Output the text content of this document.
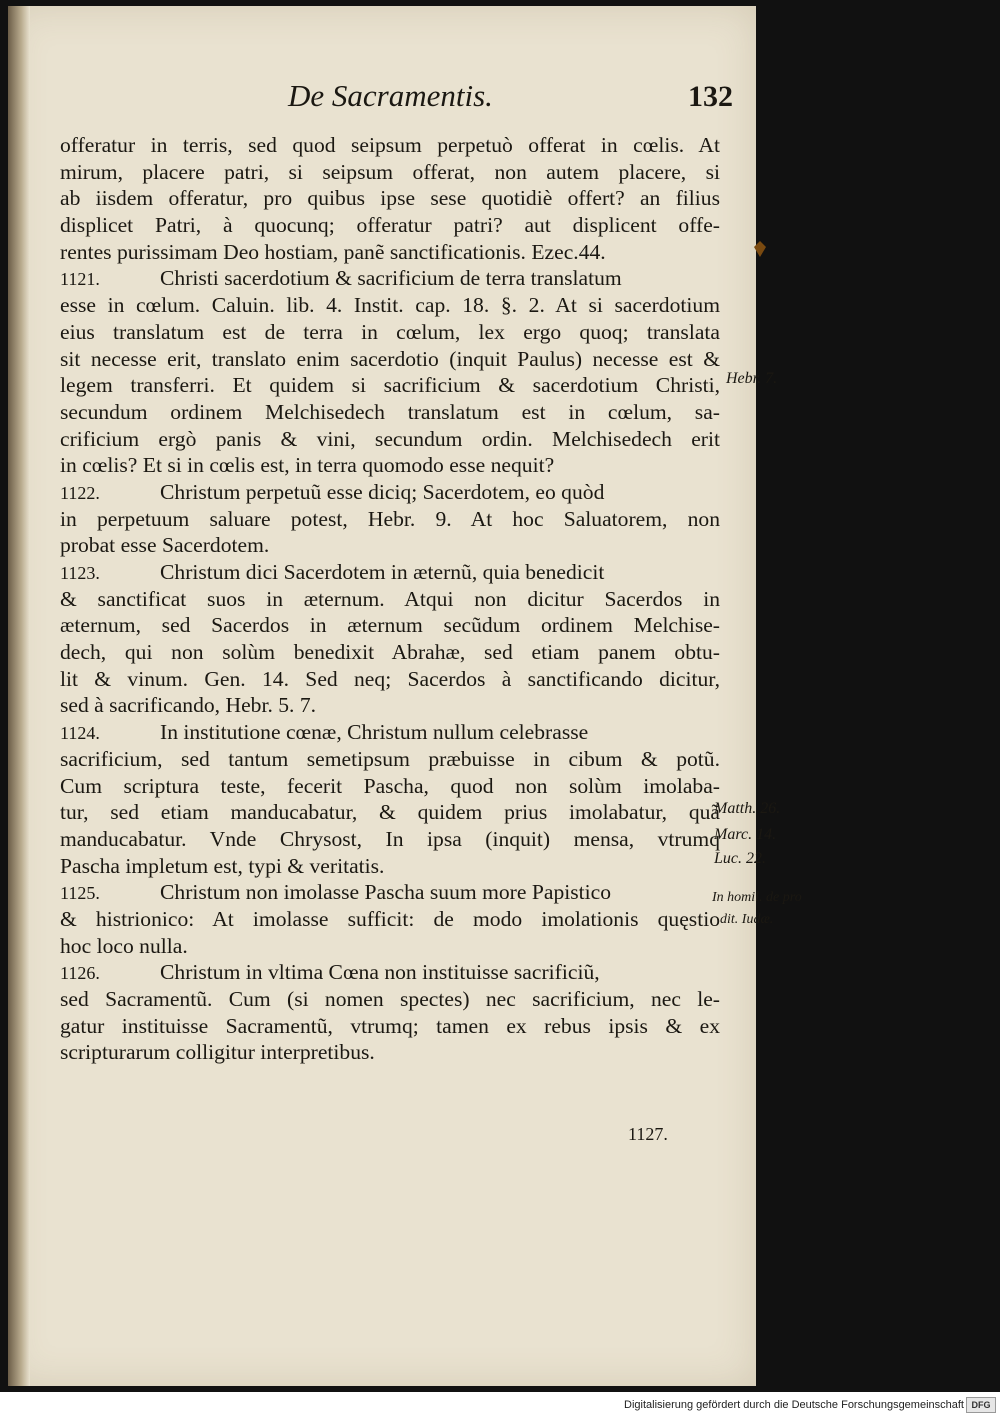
De Sacramentis.	132
offeratur in terris, sed quod seipsum perpetuò offerat in cœlis. At
mirum, placere patri, si seipsum offerat, non autem placere, si
ab iisdem offeratur, pro quibus ipse sese quotidiè offert? an filius
displicet Patri, à quocunq; offeratur patri? aut displicent offe-
rentes purissimam Deo hostiam, panẽ sanctificationis. Ezec.44.
1121.	Christi sacerdotium & sacrificium de terra translatum
esse in cœlum. Caluin. lib. 4. Instit. cap. 18. §. 2. At si sacerdotium
eius translatum est de terra in cœlum, lex ergo quoq; translata
sit necesse erit, translato enim sacerdotio (inquit Paulus) necesse est &
legem transferri. Et quidem si sacrificium & sacerdotium Christi,
secundum ordinem Melchisedech translatum est in cœlum, sa-
crificium ergò panis & vini, secundum ordin. Melchisedech erit
in cœlis? Et si in cœlis est, in terra quomodo esse nequit?
1122.	Christum perpetuũ esse diciq; Sacerdotem, eo quòd
in perpetuum saluare potest, Hebr. 9. At hoc Saluatorem, non
probat esse Sacerdotem.
1123.	Christum dici Sacerdotem in æternũ, quia benedicit
& sanctificat suos in æternum. Atqui non dicitur Sacerdos in
æternum, sed Sacerdos in æternum secũdum ordinem Melchise-
dech, qui non solùm benedixit Abrahæ, sed etiam panem obtu-
lit & vinum. Gen. 14. Sed neq; Sacerdos à sanctificando dicitur,
sed à sacrificando, Hebr. 5. 7.
1124.	In institutione cœnæ, Christum nullum celebrasse
sacrificium, sed tantum semetipsum præbuisse in cibum & potũ.
Cum scriptura teste, fecerit Pascha, quod non solùm imolaba-
tur, sed etiam manducabatur, & quidem prius imolabatur, quã
manducabatur. Vnde Chrysost, In ipsa (inquit) mensa, vtrumq
Pascha impletum est, typi & veritatis.
1125.	Christum non imolasse Pascha suum more Papistico
& histrionico: At imolasse sufficit: de modo imolationis quęstio
hoc loco nulla.
1126.	Christum in vltima Cœna non instituisse sacrificiũ,
sed Sacramentũ. Cum (si nomen spectes) nec sacrificium, nec le-
gatur instituisse Sacramentũ, vtrumq; tamen ex rebus ipsis & ex
scripturarum colligitur interpretibus.
Hebr. 7.
Matth. 26.
Marc. 14.
Luc. 22.
In homil. de pro
dit. Iudæ.
1127.
Digitalisierung gefördert durch die Deutsche Forschungsgemeinschaft DFG
